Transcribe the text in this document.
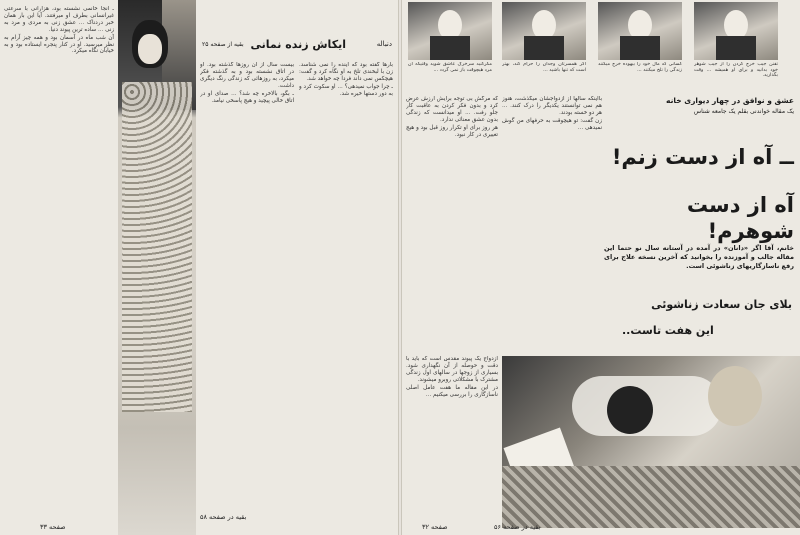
ـ آنجا خانمی نشسته بود، هزارانی با سرعتی غیرانسانی بطرف او میرفتند. آیا این بار همان خبر دردناک ... عشق زنی به مردی و مرد به زنی ... ساده ترین پیوند دنیا.

آن شب ماه در آسمان بود و همه چیز آرام به نظر میرسید. او در کنار پنجره ایستاده بود و به خیابان نگاه میکرد.

دنباله
ایکاش زنده نمانی
بقیه از صفحه ۲۵

بیست سال از آن روزها گذشته بود. او در اتاق نشسته بود و به گذشته فکر میکرد، به روزهائی که زندگی رنگ دیگری داشت.

ـ بگو، بالاخره چه شد؟ ... صدای او در اتاق خالی پیچید و هیچ پاسخی نیامد.

بارها گفته بود که آینده را نمی شناسد. زن با لبخندی تلخ به او نگاه کرد و گفت: هیچکس نمی داند فردا چه خواهد شد.

ـ چرا جواب نمیدهی؟ ... او سکوت کرد و به دور دستها خیره شد.

بقیه در صفحه ۵۸
صفحه ۳۳
تفنن جیب خرج کردن را از جیب شوهر خود بدانید و برای او همیشه ... وقت بگذارید.
کسانی که مال خود را بیهوده خرج میکنند زندگی را تلخ میکنند ...
اگر همسرتان وجدان را حرام کند، بهتر است که تنها باشید ...
مکرکنید سرخرگ عاشق شوید وقتیکه آن مرد هیچوقت باز نمی گردد ...
عشق و نوافق در چهار دیواری خانه
یک مقاله خواندنی بقلم یک جامعه شناس
ــ آه از دست زنم!
آه از دست شوهرم!
خانم، آقا اگر «دانان» در آمده در آستانه سال نو حتما این مقاله جالب و آموزنده را بخوانید که آخرین نسخه علاج برای رفع ناسازگاریهای زناشوئی است.
بلای جان سعادت زناشوئی
این هفت تاست..

که مرگش بی توجه برایش ارزش عرض کرد و بدون فکر کردن به عاقبت کار جلو رفت. ... او میدانست که زندگی بدون عشق معنائی ندارد.

هر روز برای او تکرار روز قبل بود و هیچ تغییری در کار نبود.

بااینکه سالها از ازدواجشان میگذشت، هنوز هم نمی توانستند یکدیگر را درک کنند. ... هر دو خسته بودند.

زن گفت: تو هیچوقت به حرفهای من گوش نمیدهی ...

ازدواج یک پیوند مقدس است که باید با دقت و حوصله از آن نگهداری شود. بسیاری از زوجها در سالهای اول زندگی مشترک با مشکلاتی روبرو میشوند.

در این مقاله ما هفت عامل اصلی ناسازگاری را بررسی میکنیم ...

بقیه در صفحه ۵۶
صفحه ۳۲
